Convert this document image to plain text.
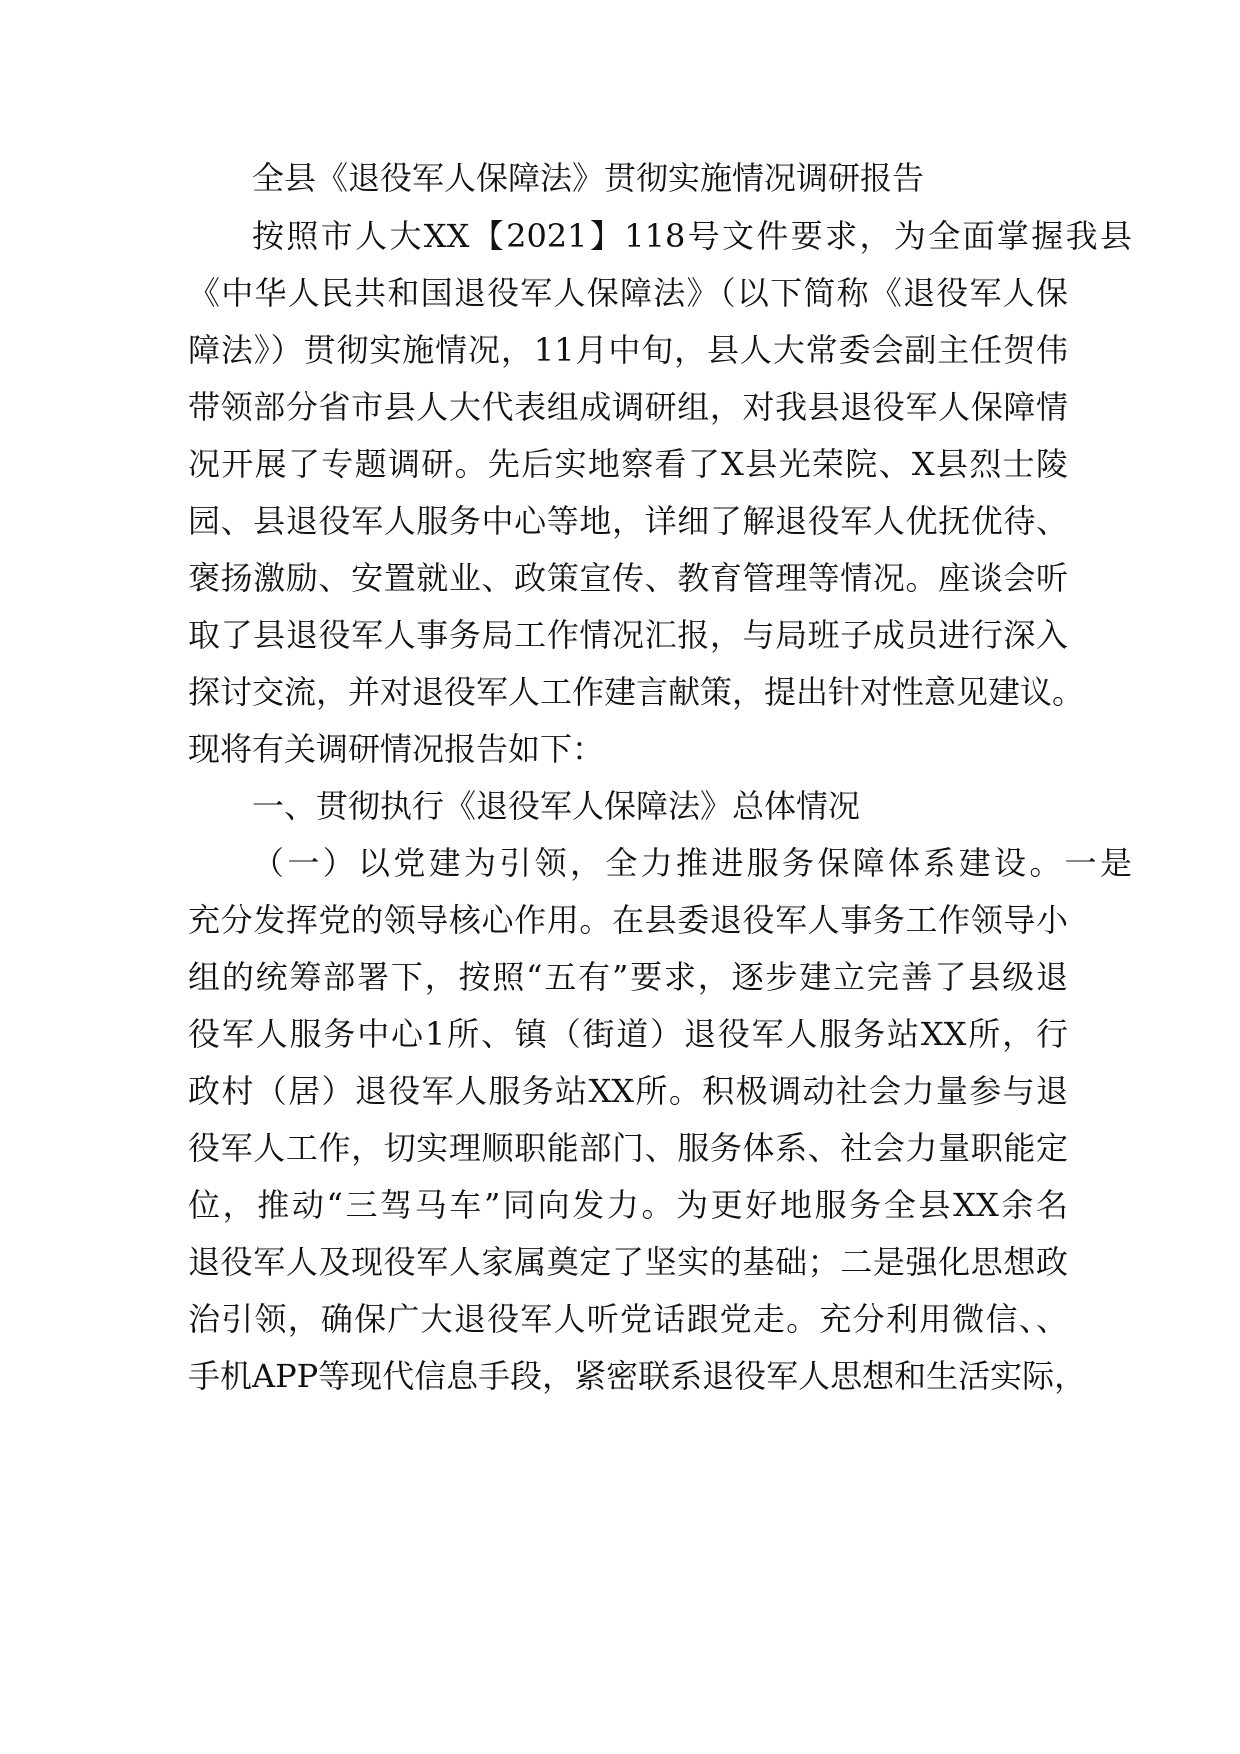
全县《退役军人保障法》贯彻实施情况调研报告
按照市人大XX【2021】118号文件要求，为全面掌握我县
《中华人民共和国退役军人保障法》（以下简称《退役军人保
障法》）贯彻实施情况，11月中旬，县人大常委会副主任贺伟
带领部分省市县人大代表组成调研组，对我县退役军人保障情
况开展了专题调研。先后实地察看了X县光荣院、X县烈士陵
园、县退役军人服务中心等地，详细了解退役军人优抚优待、
褒扬激励、安置就业、政策宣传、教育管理等情况。座谈会听
取了县退役军人事务局工作情况汇报，与局班子成员进行深入
探讨交流，并对退役军人工作建言献策，提出针对性意见建议。
现将有关调研情况报告如下：
一、贯彻执行《退役军人保障法》总体情况
（一）以党建为引领，全力推进服务保障体系建设。一是
充分发挥党的领导核心作用。在县委退役军人事务工作领导小
组的统筹部署下，按照“五有”要求，逐步建立完善了县级退
役军人服务中心1所、镇（街道）退役军人服务站XX所，行
政村（居）退役军人服务站XX所。积极调动社会力量参与退
役军人工作，切实理顺职能部门、服务体系、社会力量职能定
位，推动“三驾马车”同向发力。为更好地服务全县XX余名
退役军人及现役军人家属奠定了坚实的基础；二是强化思想政
治引领，确保广大退役军人听党话跟党走。充分利用微信、、
手机APP等现代信息手段，紧密联系退役军人思想和生活实际，
